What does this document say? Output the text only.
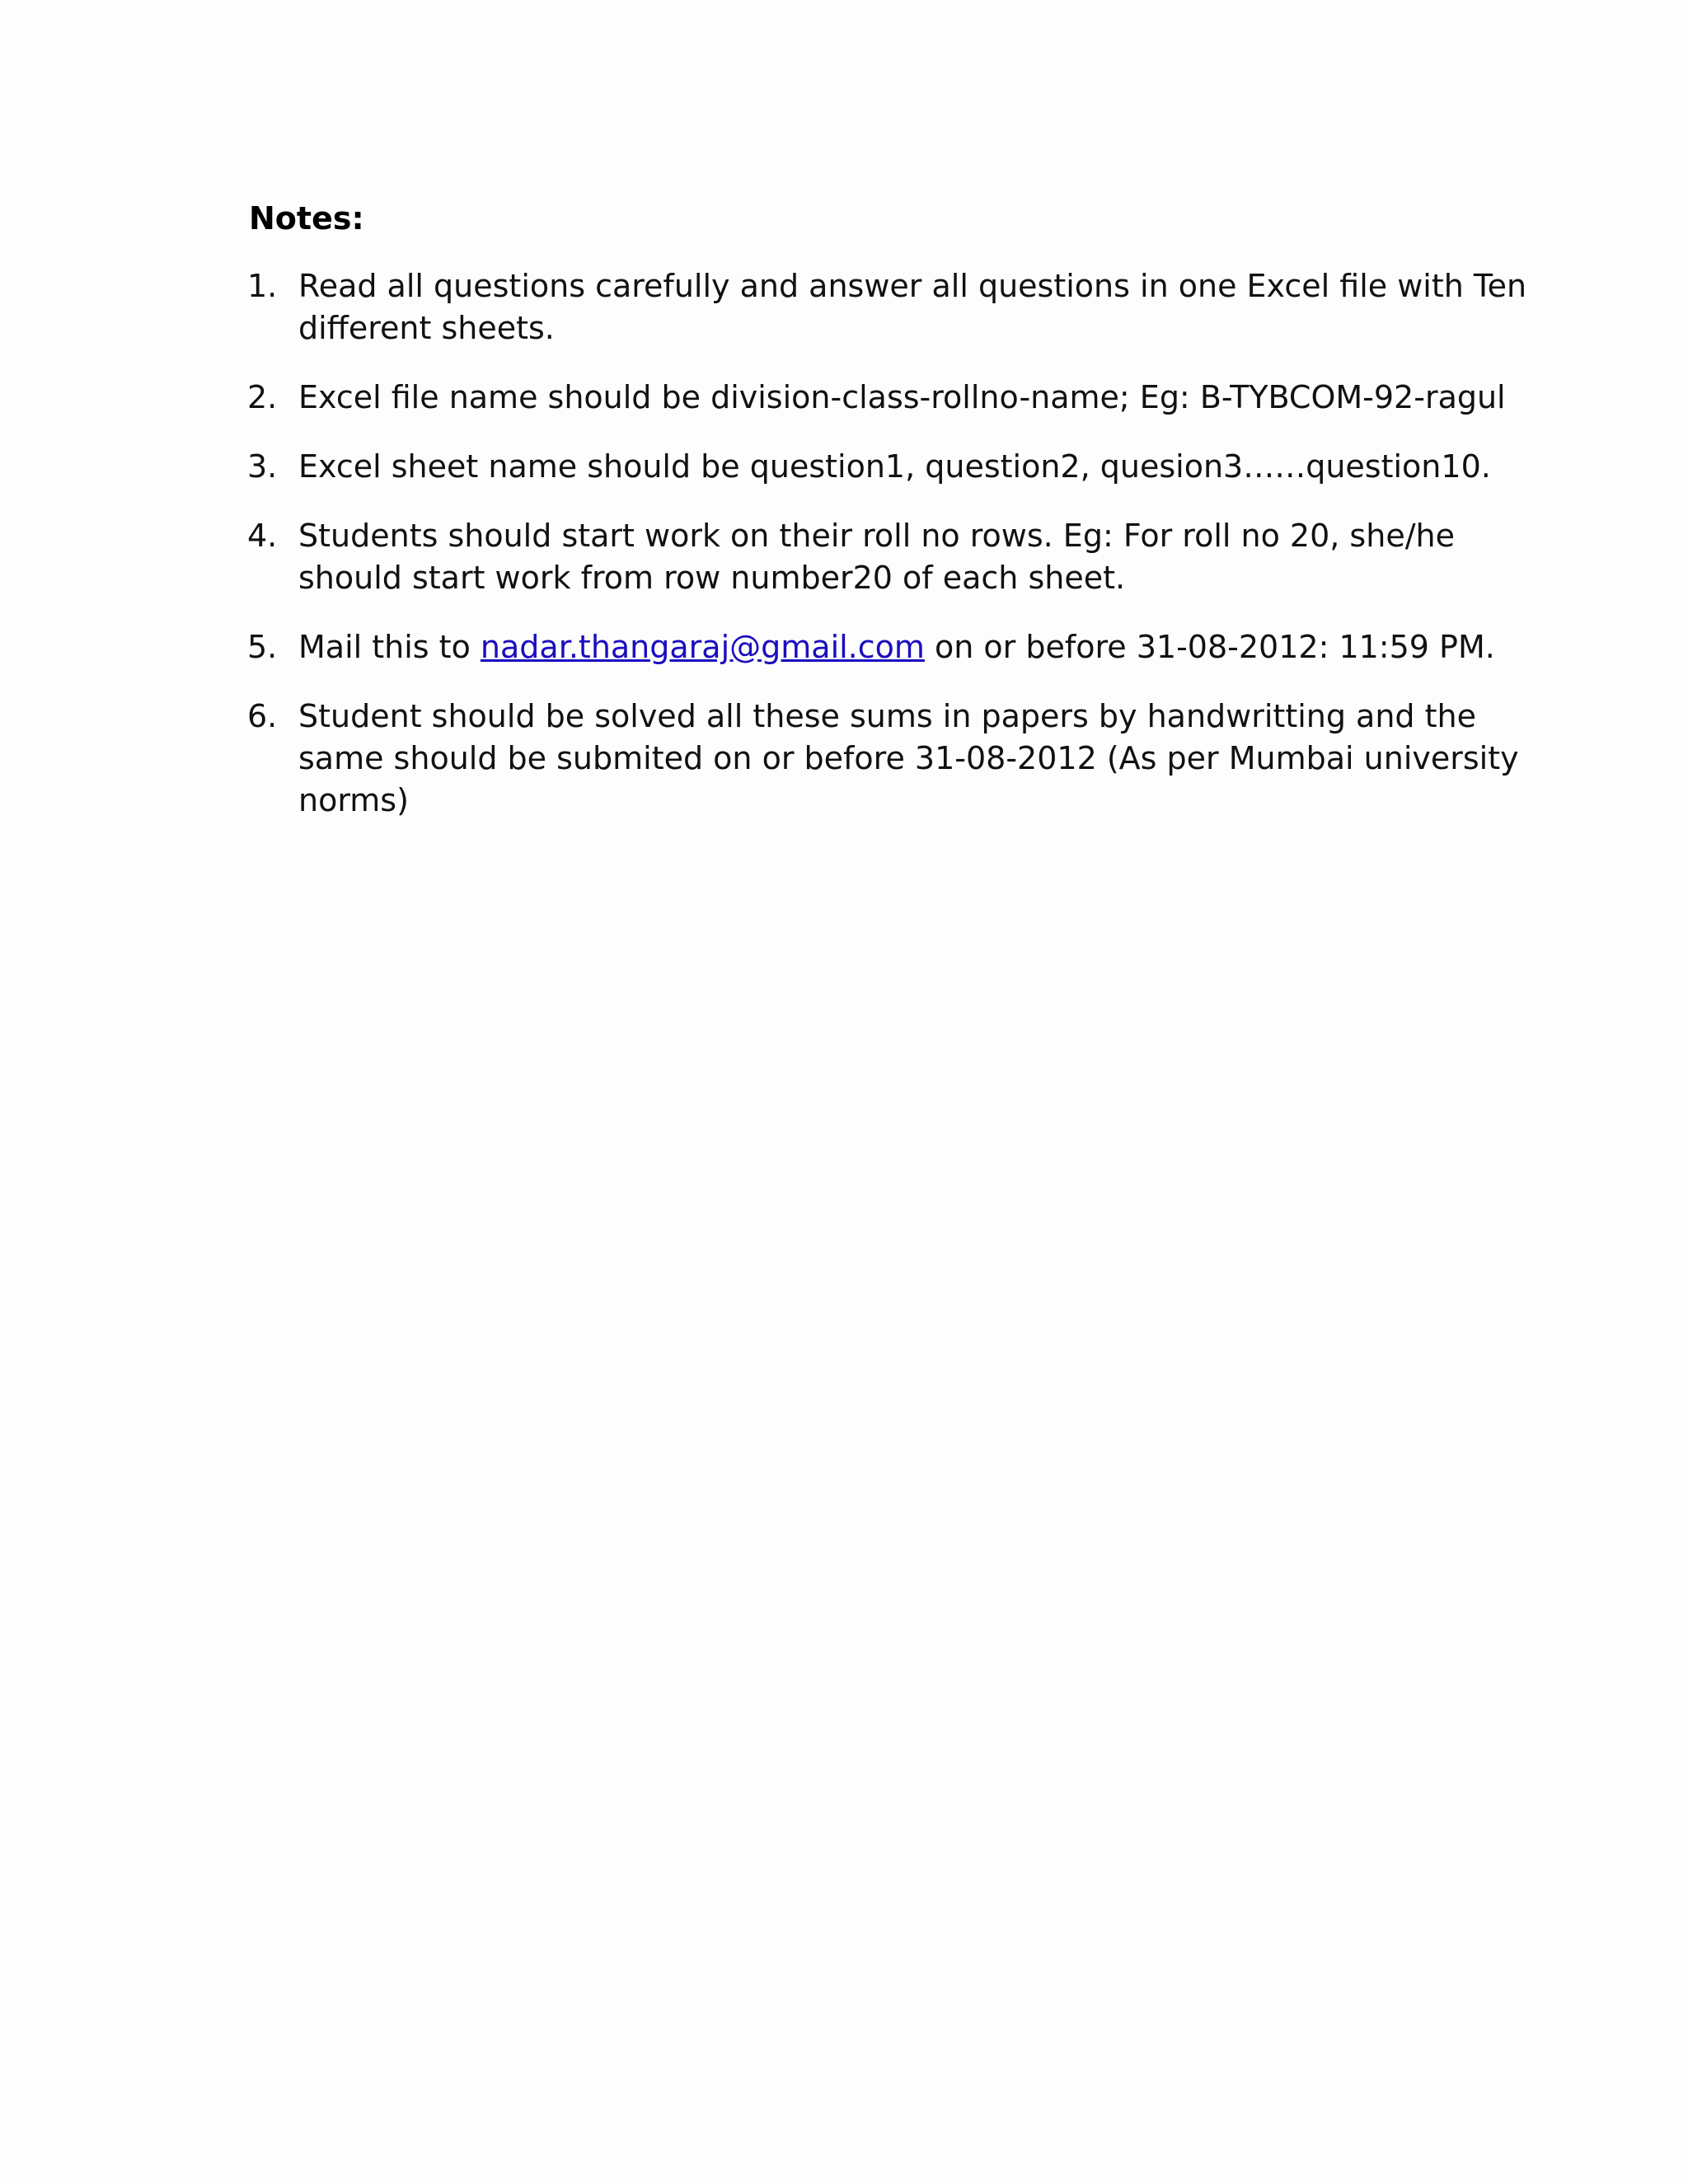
Notes:
1. Read all questions carefully and answer all questions in one Excel file with Ten different sheets.
2. Excel file name should be division-class-rollno-name; Eg: B-TYBCOM-92-ragul
3. Excel sheet name should be question1, question2, quesion3……question10.
4. Students should start work on their roll no rows. Eg: For roll no 20, she/he should start work from row number20 of each sheet.
5. Mail this to nadar.thangaraj@gmail.com on or before 31-08-2012: 11:59 PM.
6. Student should be solved all these sums in papers by handwritting and the same should be submited on or before 31-08-2012 (As per Mumbai university norms)
